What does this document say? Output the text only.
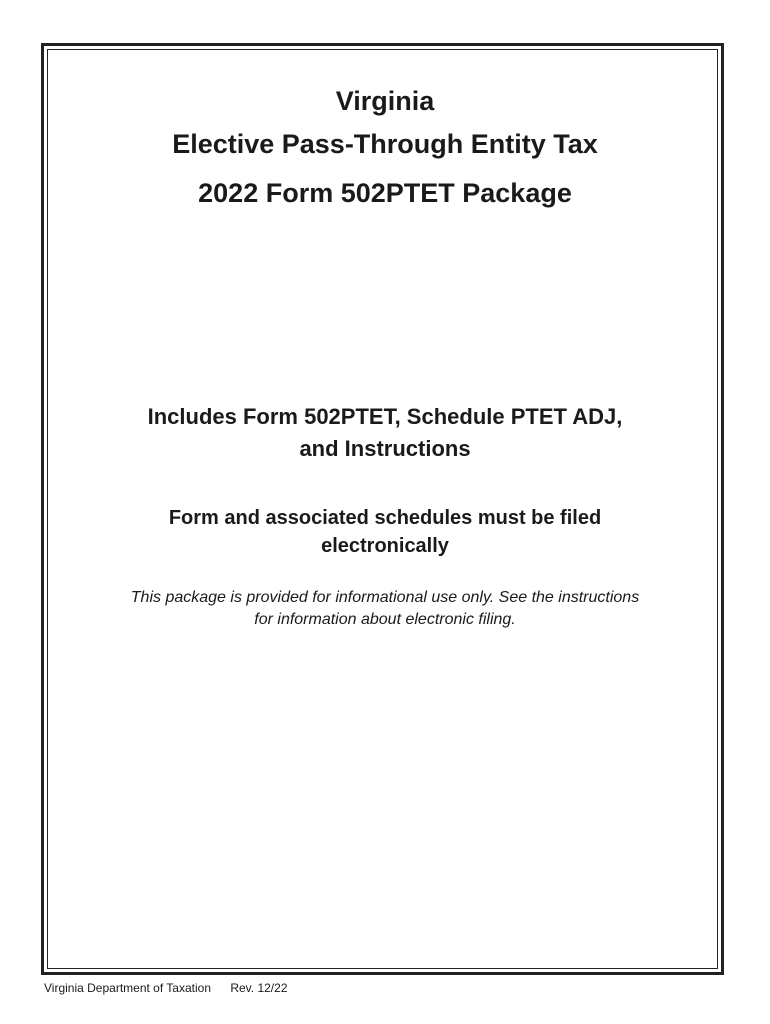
Virginia
Elective Pass-Through Entity Tax
2022 Form 502PTET Package
Includes Form 502PTET, Schedule PTET ADJ,
and Instructions
Form and associated schedules must be filed
electronically
This package is provided for informational use only. See the instructions
for information about electronic filing.
Virginia Department of Taxation Rev. 12/22
